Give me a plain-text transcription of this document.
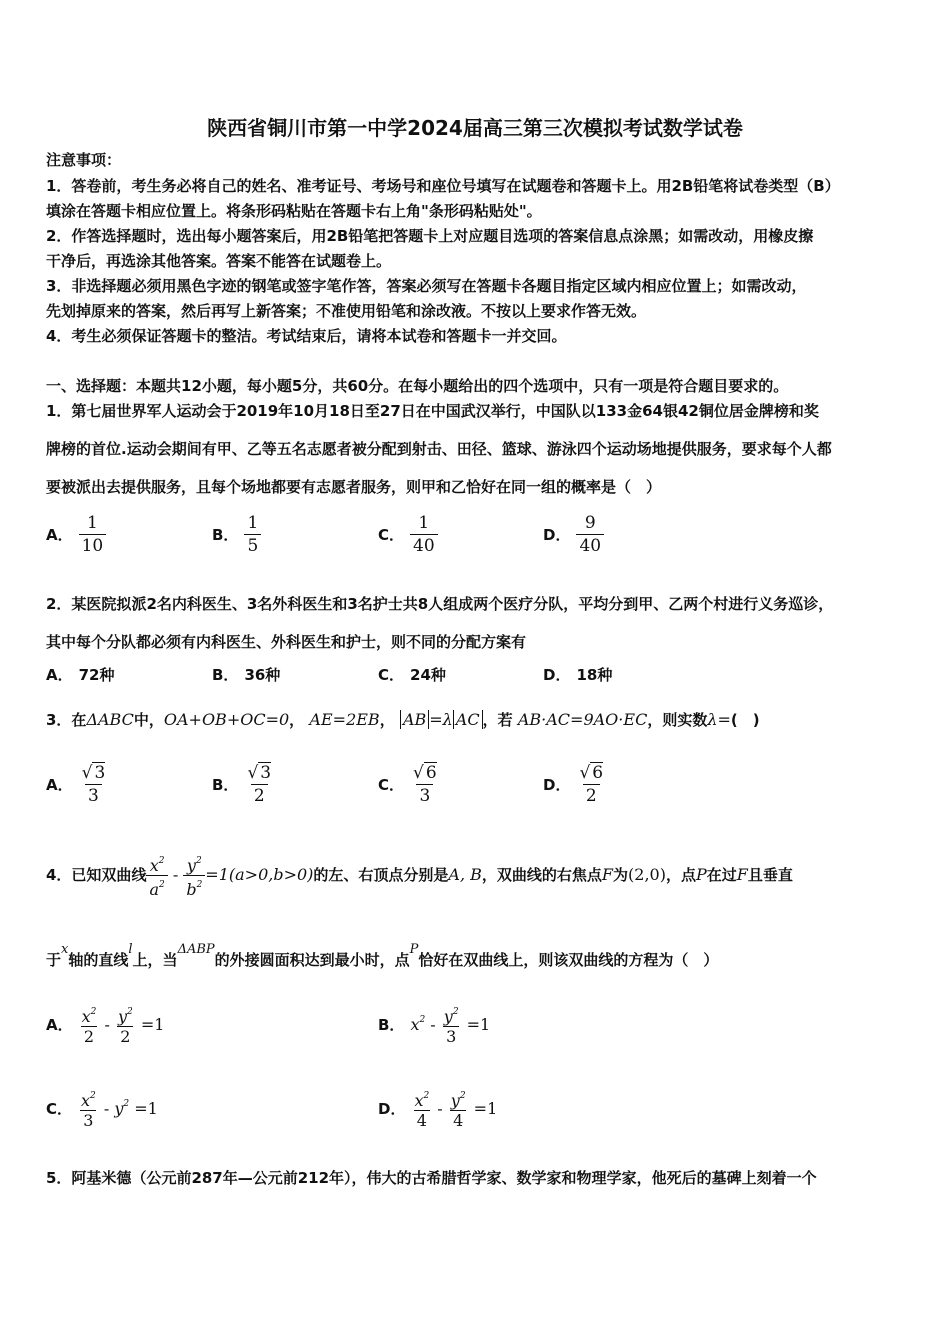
陕西省铜川市第一中学2024届高三第三次模拟考试数学试卷
注意事项：
1．答卷前，考生务必将自己的姓名、准考证号、考场号和座位号填写在试题卷和答题卡上。用2B铅笔将试卷类型（B）
填涂在答题卡相应位置上。将条形码粘贴在答题卡右上角"条形码粘贴处"。
2．作答选择题时，选出每小题答案后，用2B铅笔把答题卡上对应题目选项的答案信息点涂黑；如需改动，用橡皮擦
干净后，再选涂其他答案。答案不能答在试题卷上。
3．非选择题必须用黑色字迹的钢笔或签字笔作答，答案必须写在答题卡各题目指定区域内相应位置上；如需改动，
先划掉原来的答案，然后再写上新答案；不准使用铅笔和涂改液。不按以上要求作答无效。
4．考生必须保证答题卡的整洁。考试结束后，请将本试卷和答题卡一并交回。
一、选择题：本题共12小题，每小题5分，共60分。在每小题给出的四个选项中，只有一项是符合题目要求的。
1．第七届世界军人运动会于2019年10月18日至27日在中国武汉举行，中国队以133金64银42铜位居金牌榜和奖
牌榜的首位.运动会期间有甲、乙等五名志愿者被分配到射击、田径、篮球、游泳四个运动场地提供服务，要求每个人都
要被派出去提供服务，且每个场地都要有志愿者服务，则甲和乙恰好在同一组的概率是（　）
A． $\frac{1}{10}$	B． $\frac{1}{5}$	C． $\frac{1}{40}$	D． $\frac{9}{40}$
2．某医院拟派2名内科医生、3名外科医生和3名护士共8人组成两个医疗分队，平均分到甲、乙两个村进行义务巡诊，
其中每个分队都必须有内科医生、外科医生和护士，则不同的分配方案有
A． 72种	B． 36种	C． 24种	D． 18种
3．在ΔABC中，OA+OB+OC=0， AE=2EB， AB =λ AC ，若 AB·AC=9AO·EC，则实数λ=(　)
A． $\frac{√ 3}{3}$	B． $\frac{√ 3}{2}$	C． $\frac{√ 6}{3}$	D． $\frac{√ 6}{2}$
4．已知双曲线 $\frac{x^2}{a^2} - \frac{y^2}{b^2} =1(a>0,b>0)$ 的左、右顶点分别是 A, B ，双曲线的右焦点 F 为 (2,0) ，点 P 在过 F 且垂直
于
x
轴的直线
l
上，当
ΔABP
的外接圆面积达到最小时，点
P
恰好在双曲线上，则该双曲线的方程为（　）
A． $\frac{x^2}{2} - \frac{y^2}{2} =1$	B． $x^2 - \frac{y^2}{3} =1$
C． $\frac{x^2}{3} - y^2 =1$	D． $\frac{x^2}{4} - \frac{y^2}{4} =1$
5．阿基米德（公元前287年—公元前212年），伟大的古希腊哲学家、数学家和物理学家，他死后的墓碑上刻着一个
